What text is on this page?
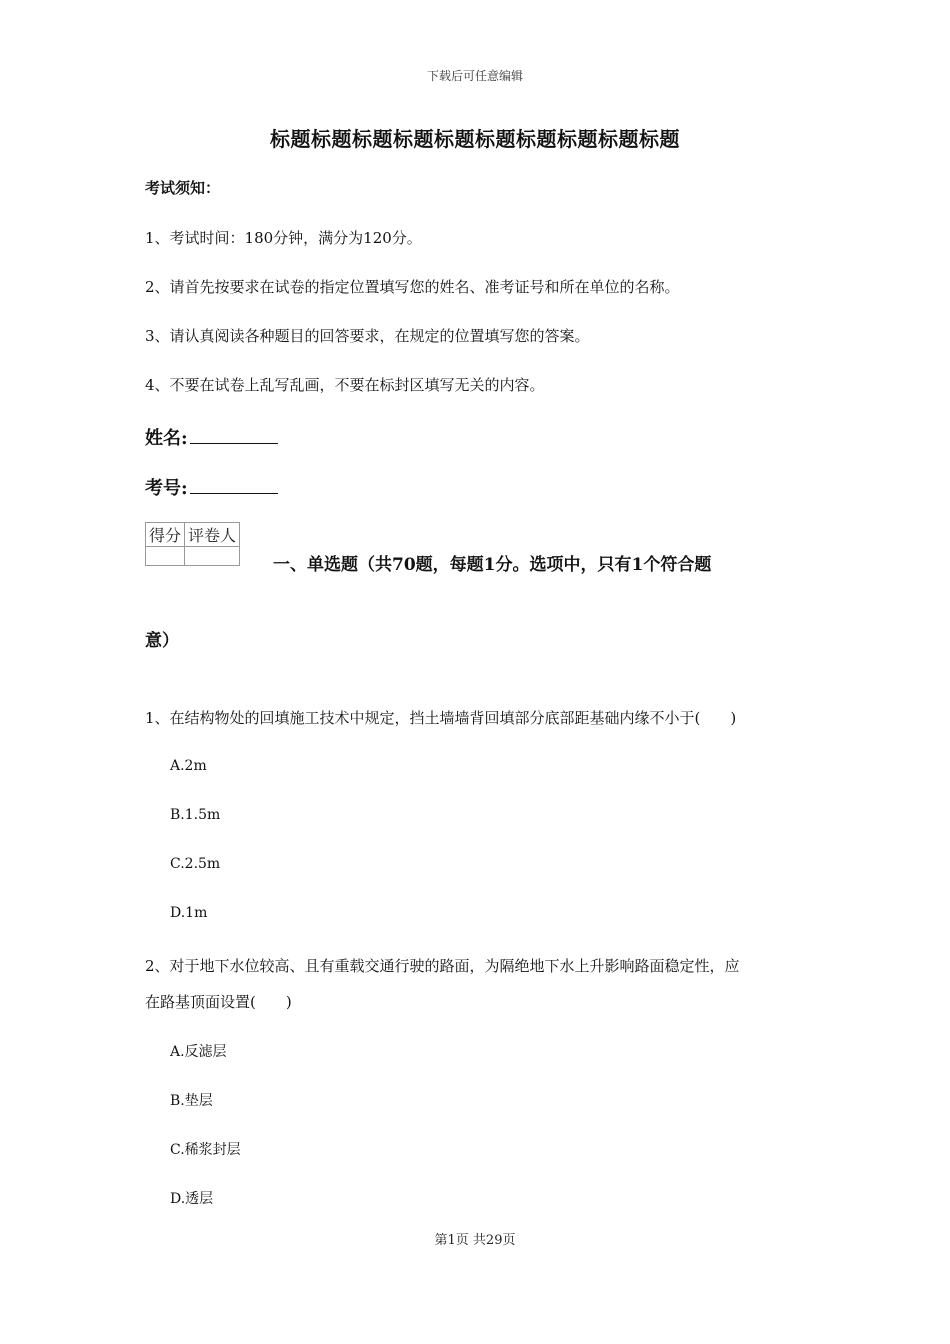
下载后可任意编辑
标题标题标题标题标题标题标题标题标题标题
考试须知：
1、考试时间：180分钟，满分为120分。
2、请首先按要求在试卷的指定位置填写您的姓名、准考证号和所在单位的名称。
3、请认真阅读各种题目的回答要求，在规定的位置填写您的答案。
4、不要在试卷上乱写乱画，不要在标封区填写无关的内容。
姓名:
考号:
得分	评卷人

一、单选题（共70题，每题1分。选项中，只有1个符合题
意）
1、在结构物处的回填施工技术中规定，挡土墙墙背回填部分底部距基础内缘不小于(　　)
A.2m
B.1.5m
C.2.5m
D.1m
2、对于地下水位较高、且有重载交通行驶的路面，为隔绝地下水上升影响路面稳定性，应
在路基顶面设置(　　)
A.反滤层
B.垫层
C.稀浆封层
D.透层
第1页 共29页
